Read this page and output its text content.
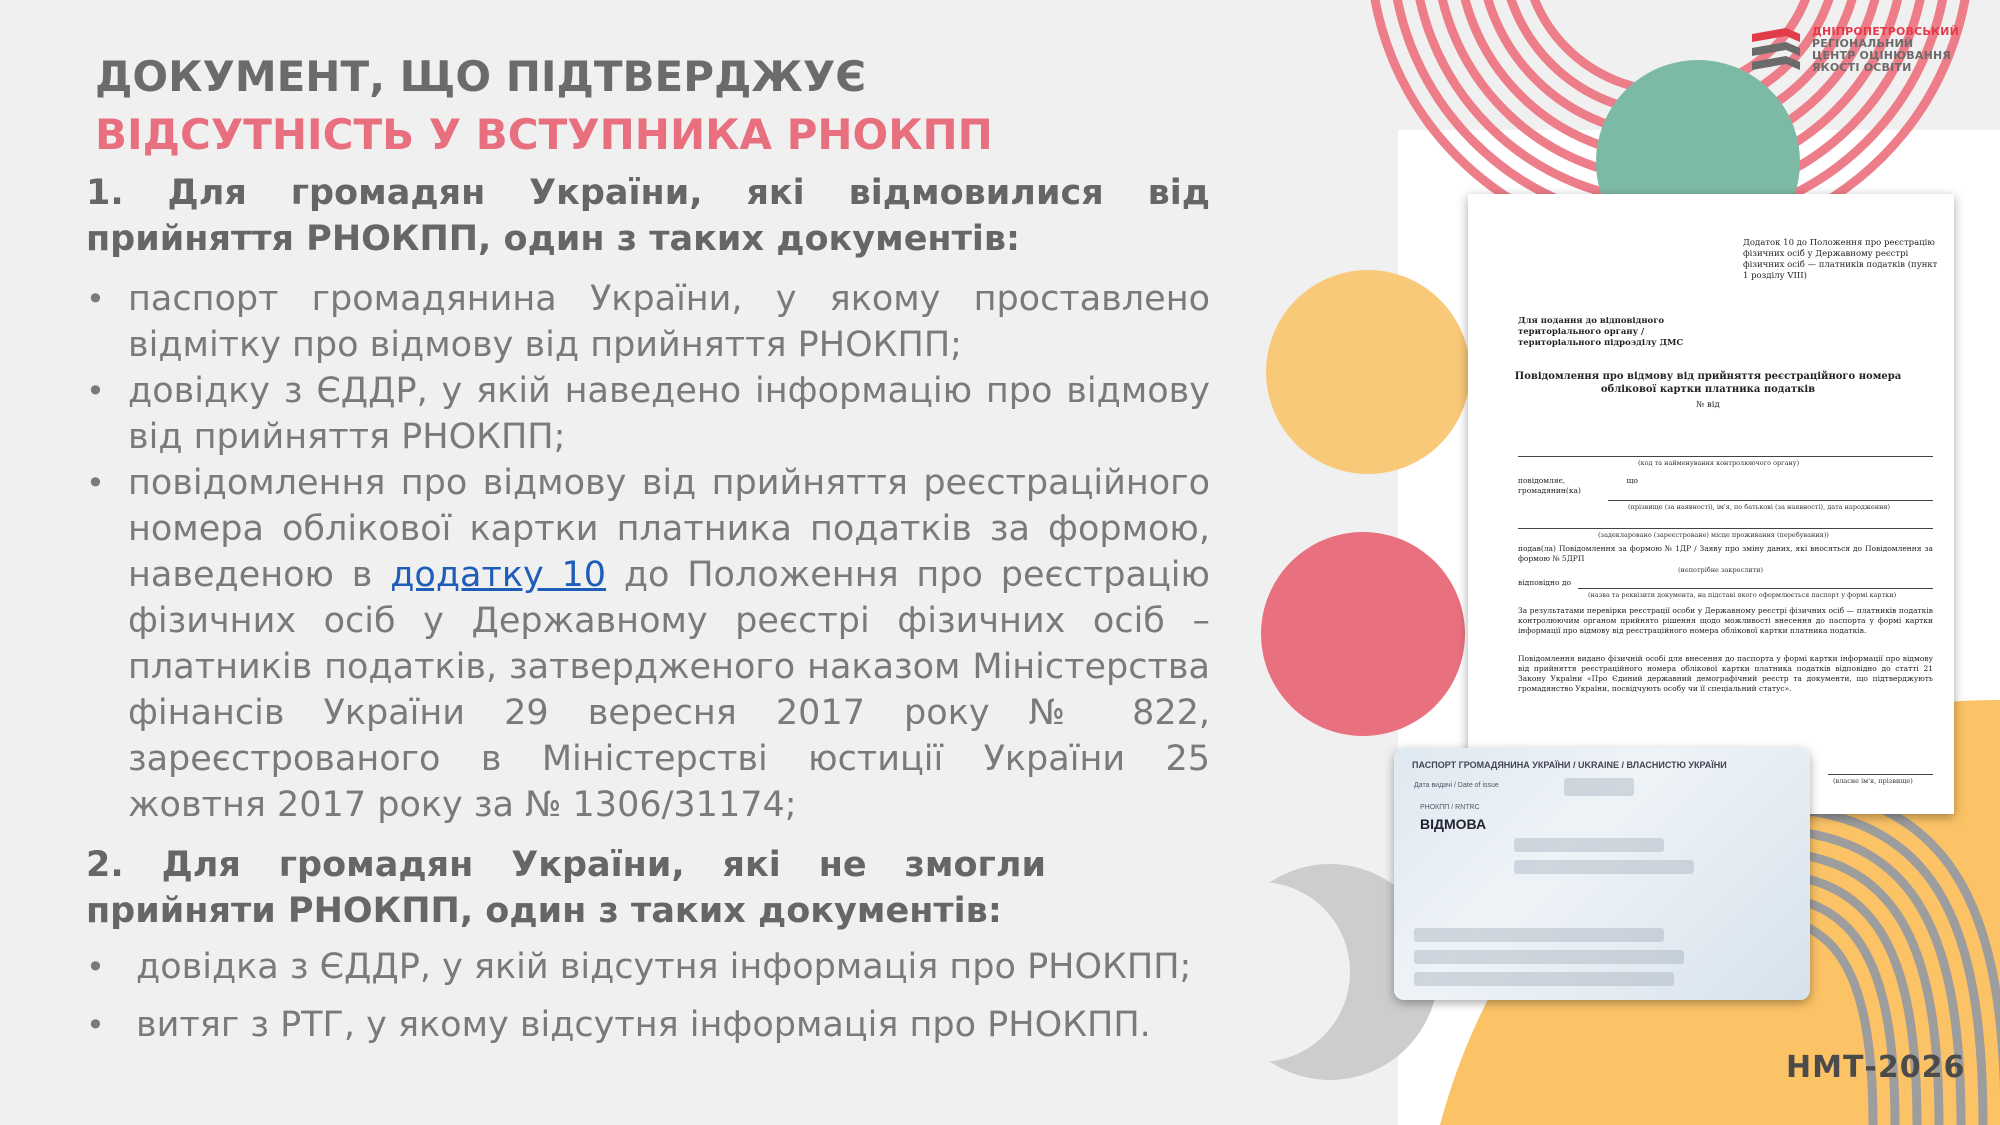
ДОКУМЕНТ, ЩО ПІДТВЕРДЖУЄ
ВІДСУТНІСТЬ У ВСТУПНИКА РНОКПП
ДНІПРОПЕТРОВСЬКИЙ
РЕГІОНАЛЬНИЙ
ЦЕНТР ОЦІНЮВАННЯ
ЯКОСТІ ОСВІТИ

1. Для громадян України, які відмовилися від прийняття РНОКПП, один з таких документів:

• паспорт громадянина України, у якому проставлено відмітку про відмову від прийняття РНОКПП;
• довідку з ЄДДР, у якій наведено інформацію про відмову від прийняття РНОКПП;
• повідомлення про відмову від прийняття реєстраційного номера облікової картки платника податків за формою, наведеною в додатку 10 до Положення про реєстрацію фізичних осіб у Державному реєстрі фізичних осіб – платників податків, затвердженого наказом Міністерства фінансів України 29 вересня 2017 року № 822, зареєстрованого в Міністерстві юстиції України 25 жовтня 2017 року за № 1306/31174;

2. Для громадян України, які не змогли прийняти РНОКПП, один з таких документів:

• довідка з ЄДДР, у якій відсутня інформація про РНОКПП;
• витяг з РТГ, у якому відсутня інформація про РНОКПП.
Додаток 10 до Положення про реєстрацію фізичних осіб у Державному реєстрі фізичних осіб — платників податків (пункт 1 розділу VIII)
Для подання до відповідного територіального органу / територіального підрозділу ДМС
Повідомлення про відмову від прийняття реєстраційного номера облікової картки платника податків
№ від
(код та найменування контролюючого органу)
повідомляє, що громадянин(ка)
(прізвище (за наявності), ім'я, по батькові (за наявності), дата народження)
(задекларовано (зареєстроване) місце проживання (перебування))
подав(ла) Повідомлення за формою № 1ДР / Заяву про зміну даних, які вносяться до Повідомлення за формою № 5ДРП
(непотрібне закреслити)
відповідно до
(назва та реквізити документа, на підставі якого оформлюється паспорт у формі картки)
За результатами перевірки реєстрації особи у Державному реєстрі фізичних осіб — платників податків контролюючим органом прийнято рішення щодо можливості внесення до паспорта у формі картки інформації про відмову від реєстраційного номера облікової картки платника податків.
Повідомлення видано фізичній особі для внесення до паспорта у формі картки інформації про відмову від прийняття реєстраційного номера облікової картки платника податків відповідно до статті 21 Закону України «Про Єдиний державний демографічний реєстр та документи, що підтверджують громадянство України, посвідчують особу чи її спеціальний статус».
(власне ім'я, прізвище)
ПАСПОРТ ГРОМАДЯНИНА УКРАЇНИ / UKRAINE / ВЛАСНИСТЮ УКРАЇНИ
Дата видачі / Date of issue
РНОКПП / RNTRC
ВІДМОВА
НМТ-2026
